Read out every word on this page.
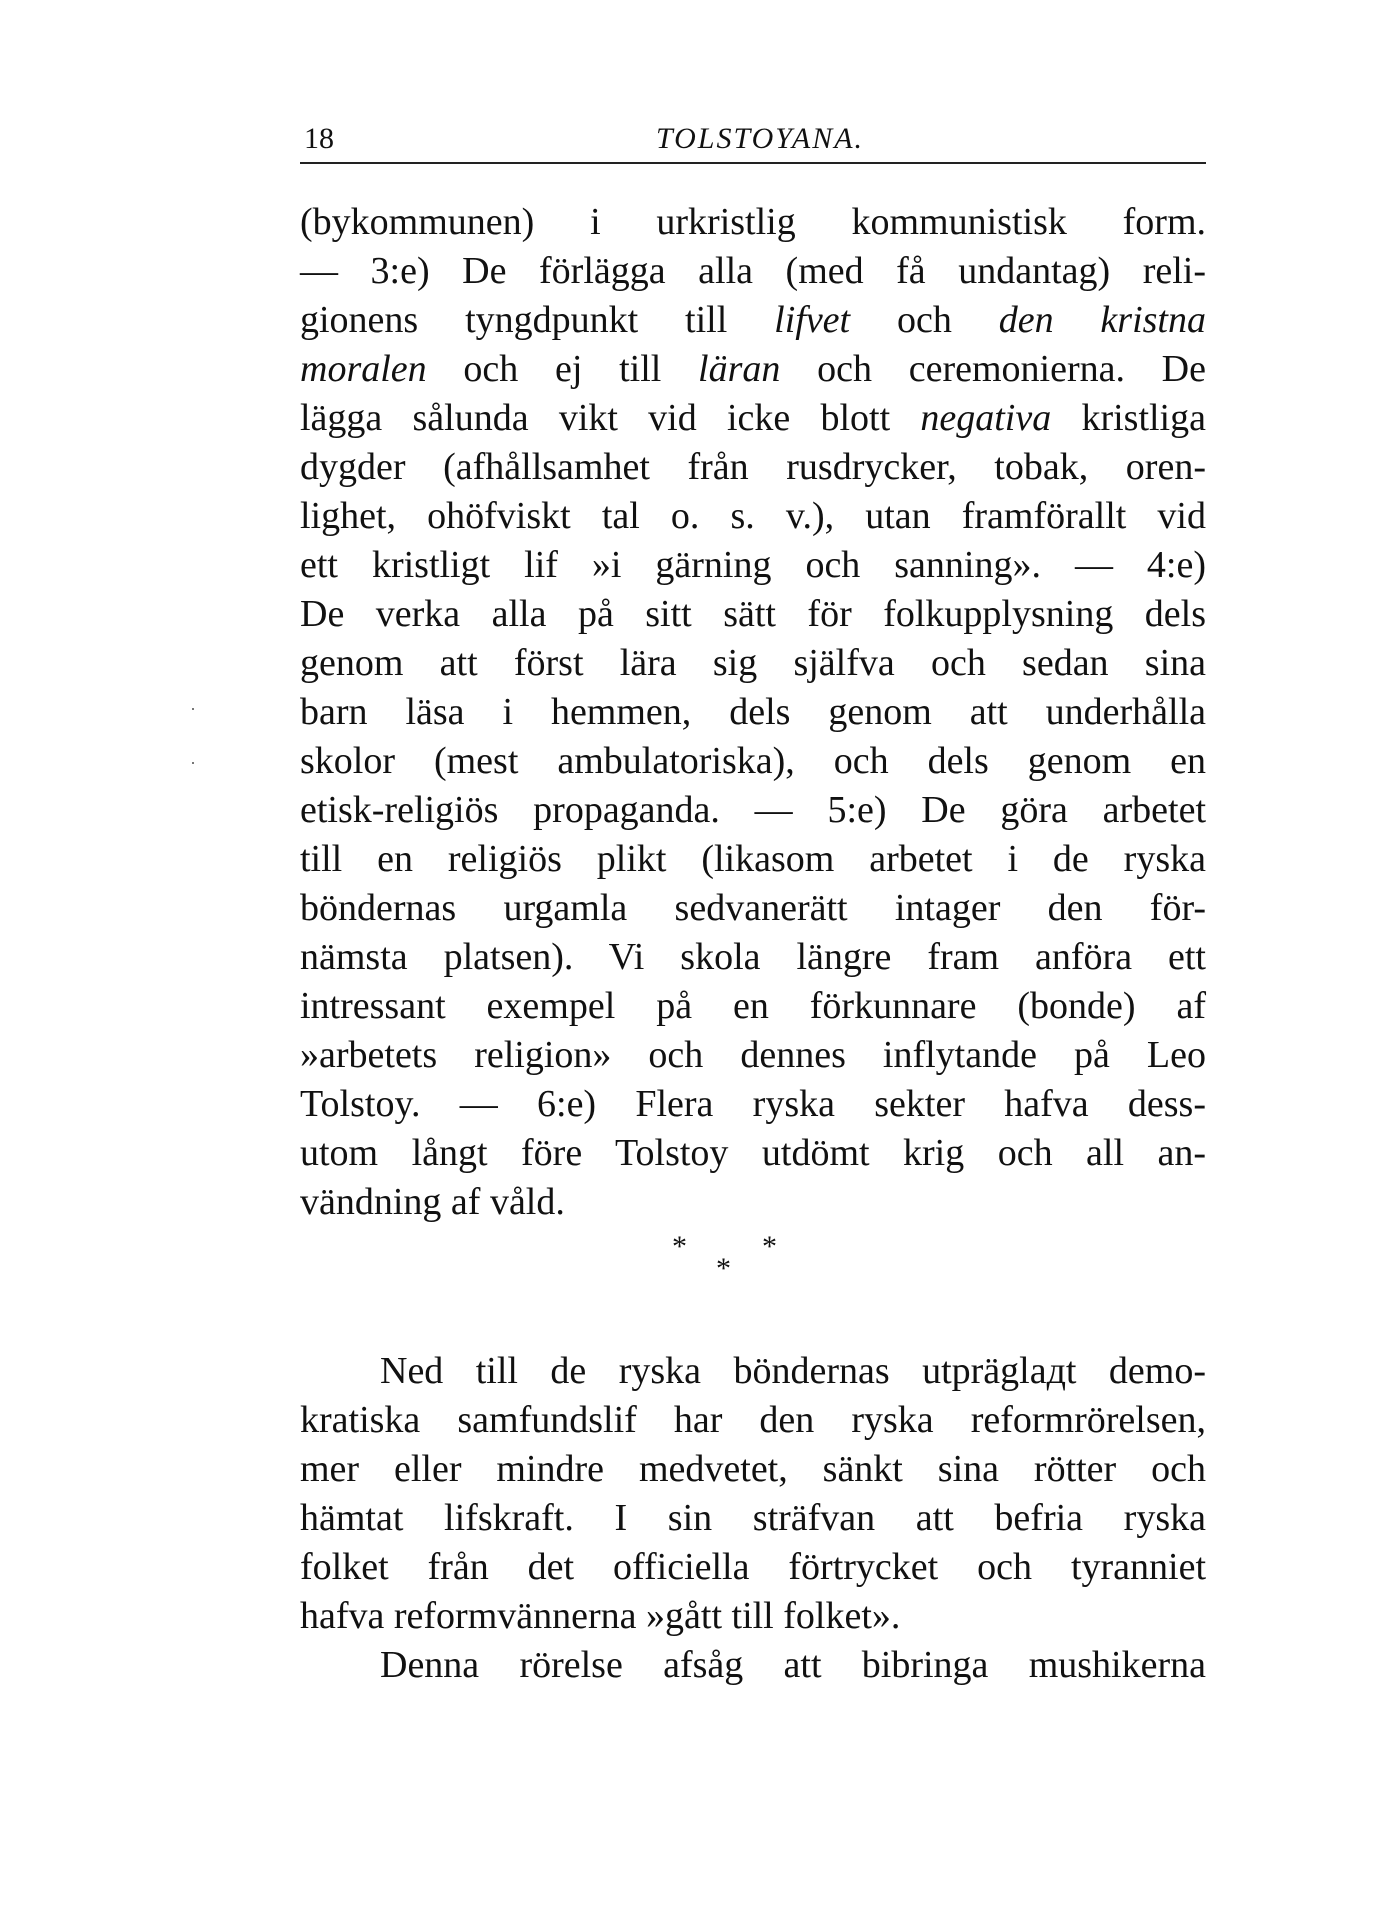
18	TOLSTOYANA.
(bykommunen) i urkristlig kommunistisk form.
— 3:e) De förlägga alla (med få undantag) reli-
gionens tyngdpunkt till lifvet och den kristna
moralen och ej till läran och ceremonierna. De
lägga sålunda vikt vid icke blott negativa kristliga
dygder (afhållsamhet från rusdrycker, tobak, oren-
lighet, ohöfviskt tal o. s. v.), utan framförallt vid
ett kristligt lif »i gärning och sanning». — 4:e)
De verka alla på sitt sätt för folkupplysning dels
genom att först lära sig själfva och sedan sina
barn läsa i hemmen, dels genom att underhålla
skolor (mest ambulatoriska), och dels genom en
etisk-religiös propaganda. — 5:e) De göra arbetet
till en religiös plikt (likasom arbetet i de ryska
böndernas urgamla sedvanerätt intager den för-
nämsta platsen). Vi skola längre fram anföra ett
intressant exempel på en förkunnare (bonde) af
»arbetets religion» och dennes inflytande på Leo
Tolstoy. — 6:e) Flera ryska sekter hafva dess-
utom långt före Tolstoy utdömt krig och all an-
vändning af våld.
*
*
*
Ned till de ryska böndernas utpräglадt demo-
kratiska samfundslif har den ryska reformrörelsen,
mer eller mindre medvetet, sänkt sina rötter och
hämtat lifskraft. I sin sträfvan att befria ryska
folket från det officiella förtrycket och tyranniet
hafva reformvännerna »gått till folket».
Denna rörelse afsåg att bibringa mushikerna
